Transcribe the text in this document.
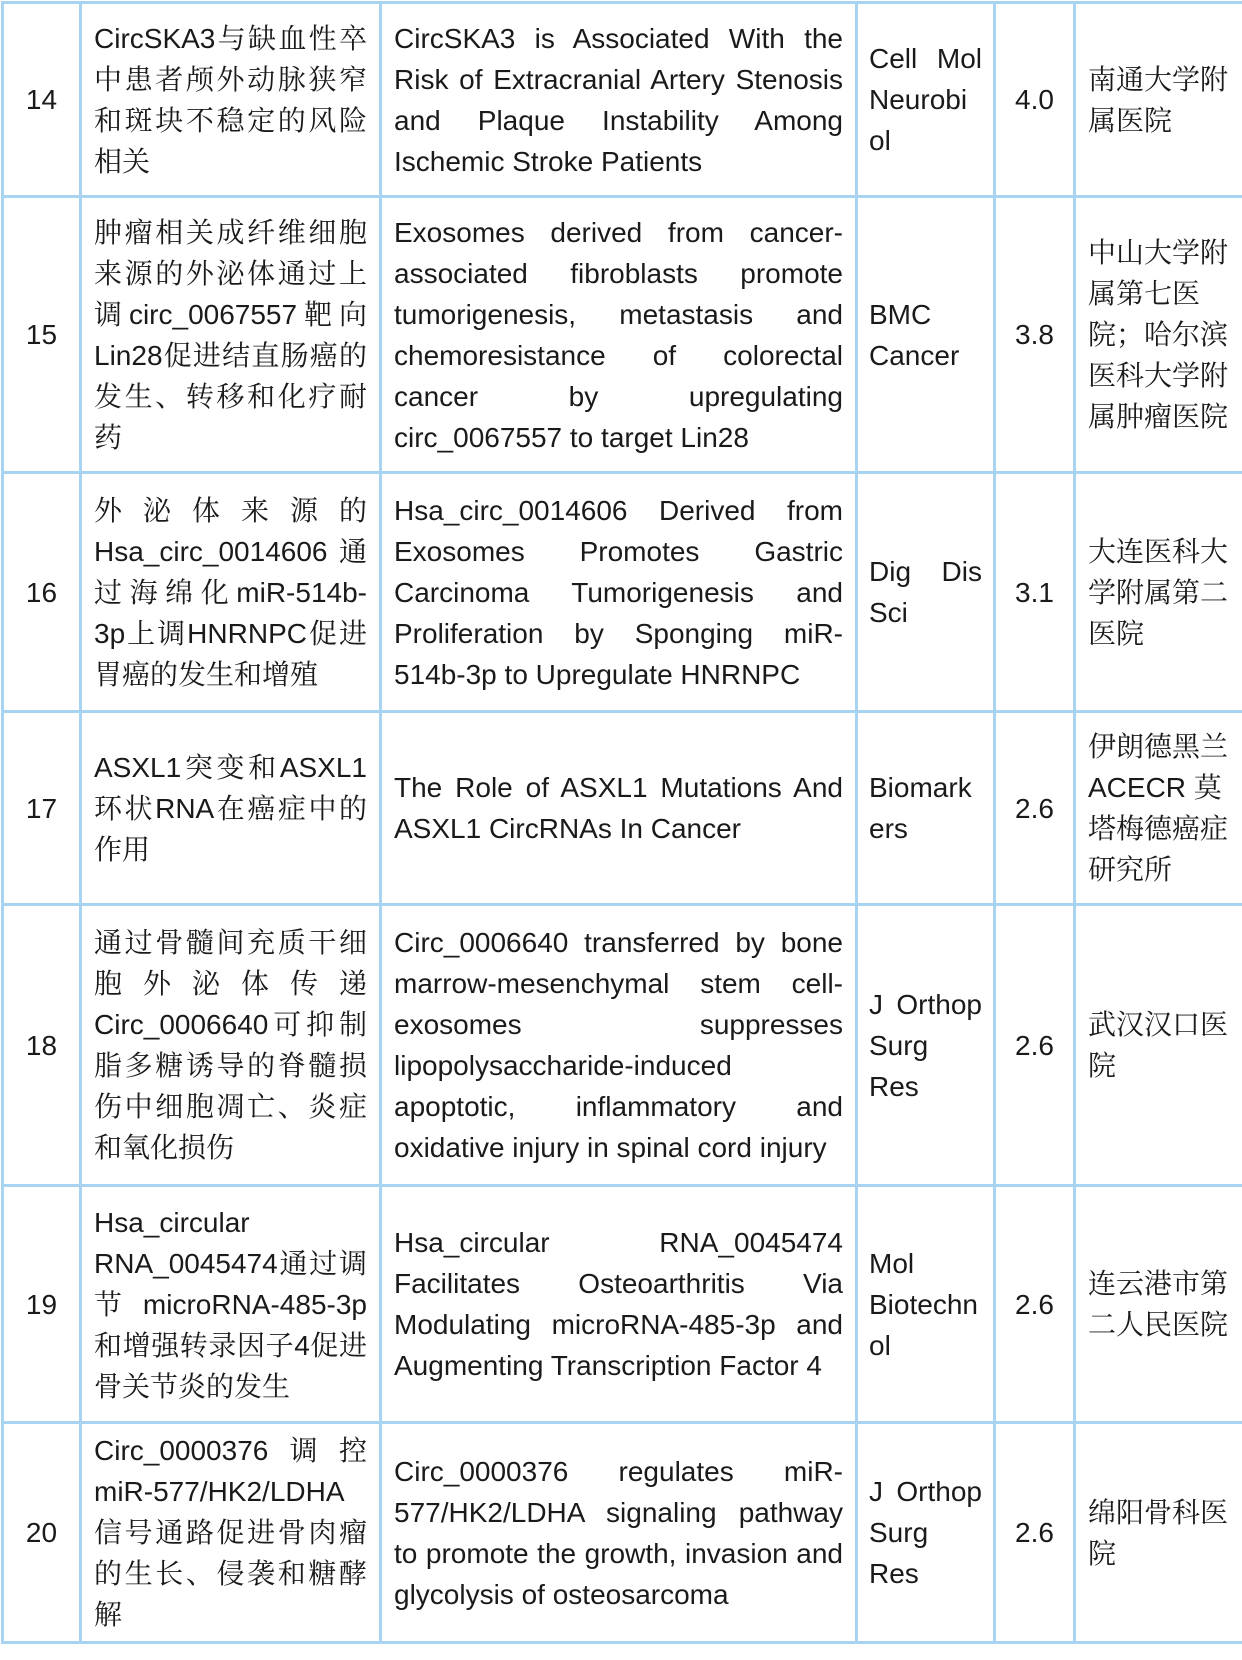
14	CircSKA3与缺血性卒中患者颅外动脉狭窄和斑块不稳定的风险相关	CircSKA3 is Associated With the Risk of Extracranial Artery Stenosis and Plaque Instability Among Ischemic Stroke Patients	Cell Mol Neurobiol	4.0	南通大学附属医院
15	肿瘤相关成纤维细胞来源的外泌体通过上调circ_0067557靶向Lin28促进结直肠癌的发生、转移和化疗耐药	Exosomes derived from cancer-associated fibroblasts promote tumorigenesis, metastasis and chemoresistance of colorectal cancer by upregulating circ_0067557 to target Lin28	BMC Cancer	3.8	中山大学附属第七医院；哈尔滨医科大学附属肿瘤医院
16	外泌体来源的Hsa_circ_0014606通过海绵化miR-514b-3p上调HNRNPC促进胃癌的发生和增殖	Hsa_circ_0014606 Derived from Exosomes Promotes Gastric Carcinoma Tumorigenesis and Proliferation by Sponging miR-514b-3p to Upregulate HNRNPC	Dig Dis Sci	3.1	大连医科大学附属第二医院
17	ASXL1突变和ASXL1环状RNA在癌症中的作用	The Role of ASXL1 Mutations And ASXL1 CircRNAs In Cancer	Biomarkers	2.6	伊朗德黑兰ACECR 莫塔梅德癌症研究所
18	通过骨髓间充质干细胞外泌体传递Circ_0006640可抑制脂多糖诱导的脊髓损伤中细胞凋亡、炎症和氧化损伤	Circ_0006640 transferred by bone marrow-mesenchymal stem cell-exosomes suppresses lipopolysaccharide-induced apoptotic, inflammatory and oxidative injury in spinal cord injury	J Orthop Surg Res	2.6	武汉汉口医院
19	Hsa_circular RNA_0045474通过调节microRNA-485-3p和增强转录因子4促进骨关节炎的发生	Hsa_circular RNA_0045474 Facilitates Osteoarthritis Via Modulating microRNA-485-3p and Augmenting Transcription Factor 4	Mol Biotechnol	2.6	连云港市第二人民医院
20	Circ_0000376调控miR-577/HK2/LDHA信号通路促进骨肉瘤的生长、侵袭和糖酵解	Circ_0000376 regulates miR-577/HK2/LDHA signaling pathway to promote the growth, invasion and glycolysis of osteosarcoma	J Orthop Surg Res	2.6	绵阳骨科医院
